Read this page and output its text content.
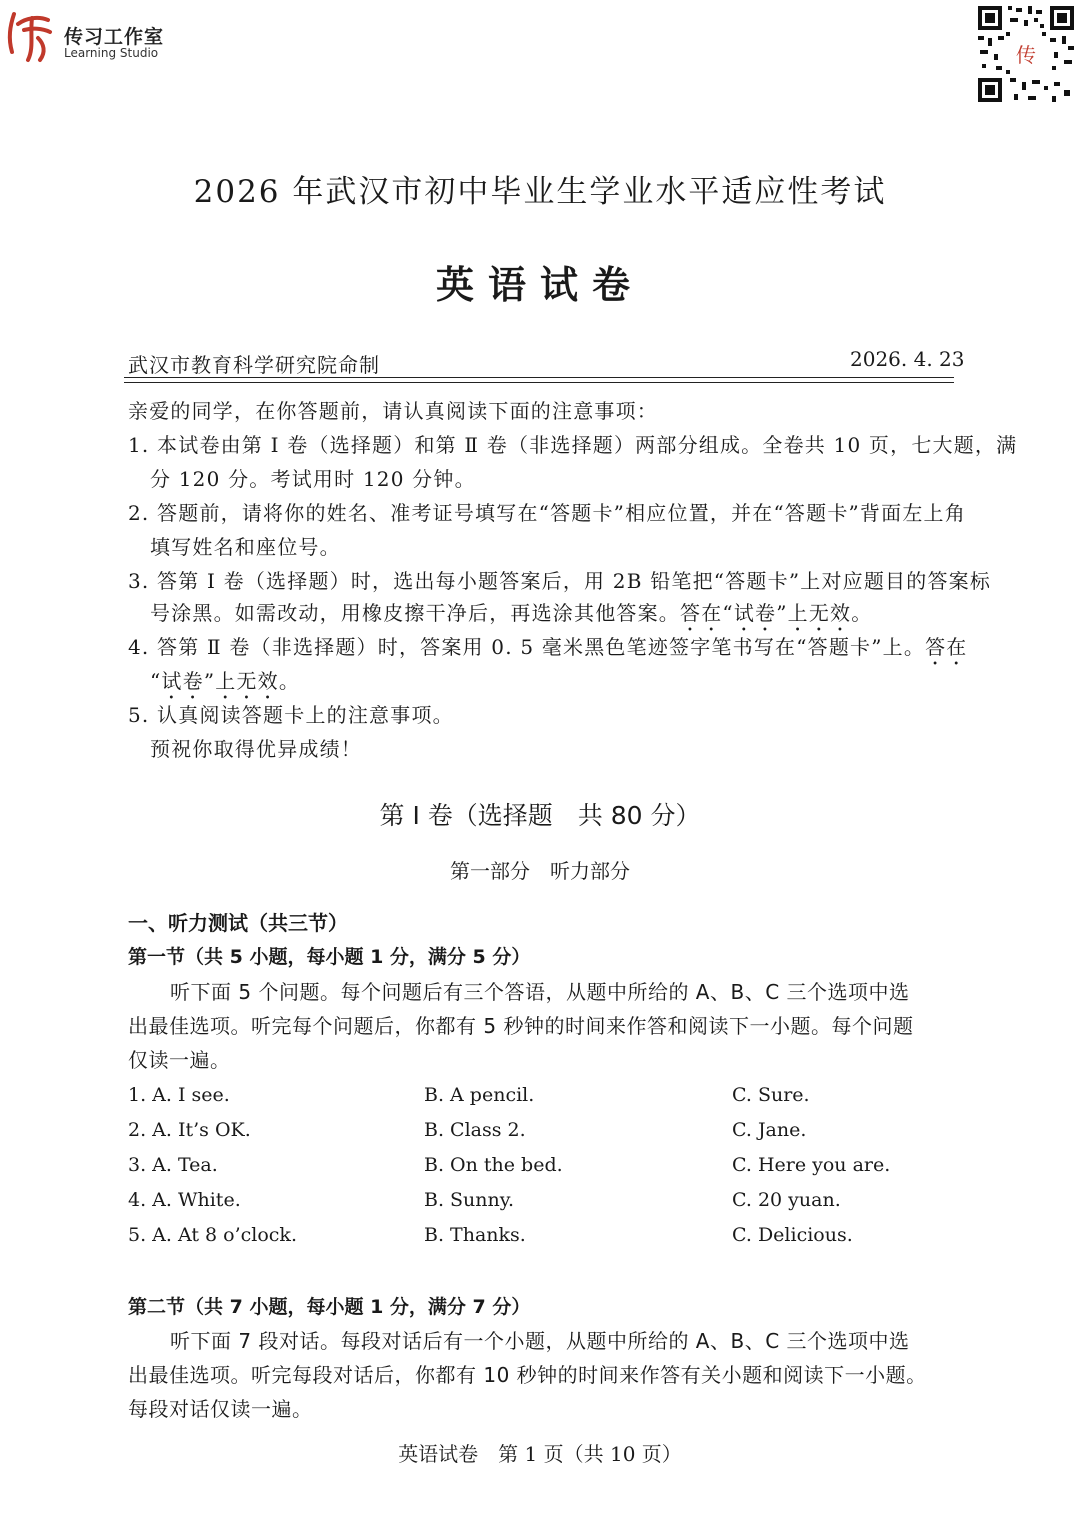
传习工作室
Learning Studio	传
2026 年武汉市初中毕业生学业水平适应性考试
英语试卷
武汉市教育科学研究院命制	2026. 4. 23
亲爱的同学，在你答题前，请认真阅读下面的注意事项：
1. 本试卷由第 Ⅰ 卷（选择题）和第 Ⅱ 卷（非选择题）两部分组成。全卷共 10 页，七大题，满
分 120 分。考试用时 120 分钟。
2. 答题前，请将你的姓名、准考证号填写在“答题卡”相应位置，并在“答题卡”背面左上角
填写姓名和座位号。
3. 答第 Ⅰ 卷（选择题）时，选出每小题答案后，用 2B 铅笔把“答题卡”上对应题目的答案标
号涂黑。如需改动，用橡皮擦干净后，再选涂其他答案。答在“试卷”上无效。
4. 答第 Ⅱ 卷（非选择题）时，答案用 0. 5 毫米黑色笔迹签字笔书写在“答题卡”上。答在
“试卷”上无效。
5. 认真阅读答题卡上的注意事项。
预祝你取得优异成绩！
第 Ⅰ 卷（选择题　共 80 分）
第一部分　听力部分
一、听力测试（共三节）
第一节（共 5 小题，每小题 1 分，满分 5 分）

听下面 5 个问题。每个问题后有三个答语，从题中所给的 A、B、C 三个选项中选

出最佳选项。听完每个问题后，你都有 5 秒钟的时间来作答和阅读下一小题。每个问题

仅读一遍。

1. A. I see.	B. A pencil.	C. Sure.
2. A. It’s OK.	B. Class 2.	C. Jane.
3. A. Tea.	B. On the bed.	C. Here you are.
4. A. White.	B. Sunny.	C. 20 yuan.
5. A. At 8 o’clock.	B. Thanks.	C. Delicious.
第二节（共 7 小题，每小题 1 分，满分 7 分）

听下面 7 段对话。每段对话后有一个小题，从题中所给的 A、B、C 三个选项中选

出最佳选项。听完每段对话后，你都有 10 秒钟的时间来作答有关小题和阅读下一小题。

每段对话仅读一遍。

英语试卷　第 1 页（共 10 页）
